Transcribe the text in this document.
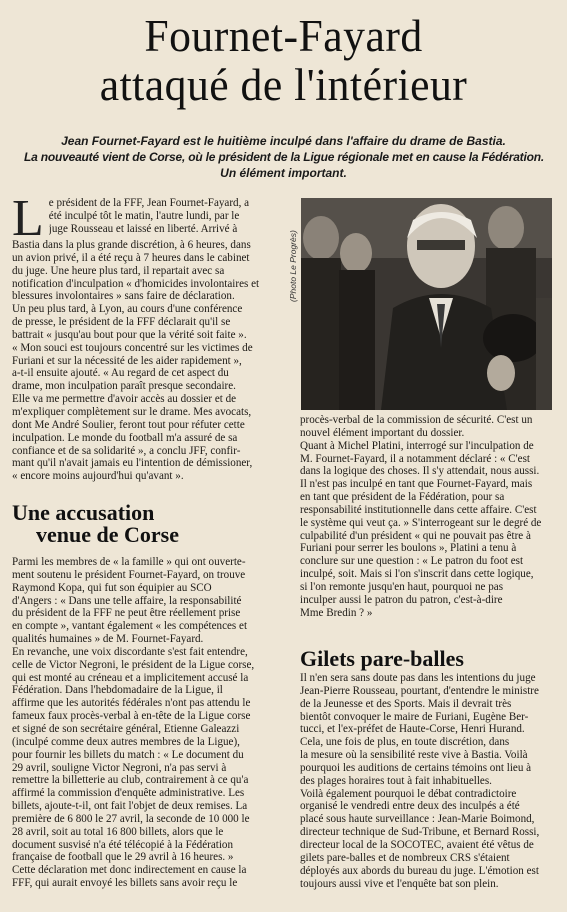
Fournet-Fayard
attaqué de l'intérieur
Jean Fournet-Fayard est le huitième inculpé dans l'affaire du drame de Bastia.
La nouveauté vient de Corse, où le président de la Ligue régionale met en cause la Fédération.
Un élément important.
L e président de la FFF, Jean Fournet-Fayard, a
été inculpé tôt le matin, l'autre lundi, par le
juge Rousseau et laissé en liberté. Arrivé à
Bastia dans la plus grande discrétion, à 6 heures, dans
un avion privé, il a été reçu à 7 heures dans le cabinet
du juge. Une heure plus tard, il repartait avec sa
notification d'inculpation « d'homicides involontaires et
blessures involontaires » sans faire de déclaration.
Un peu plus tard, à Lyon, au cours d'une conférence
de presse, le président de la FFF déclarait qu'il se
battrait « jusqu'au bout pour que la vérité soit faite ».
« Mon souci est toujours concentré sur les victimes de
Furiani et sur la nécessité de les aider rapidement »,
a-t-il ensuite ajouté. « Au regard de cet aspect du
drame, mon inculpation paraît presque secondaire.
Elle va me permettre d'avoir accès au dossier et de
m'expliquer complètement sur le drame. Mes avocats,
dont Me André Soulier, feront tout pour réfuter cette
inculpation. Le monde du football m'a assuré de sa
confiance et de sa solidarité », a conclu JFF, confir-
mant qu'il n'avait jamais eu l'intention de démissioner,
« encore moins aujourd'hui qu'avant ».
Une accusation
venue de Corse
Parmi les membres de « la famille » qui ont ouverte-
ment soutenu le président Fournet-Fayard, on trouve
Raymond Kopa, qui fut son équipier au SCO
d'Angers : « Dans une telle affaire, la responsabilité
du président de la FFF ne peut être réellement prise
en compte », vantant également « les compétences et
qualités humaines » de M. Fournet-Fayard.
En revanche, une voix discordante s'est fait entendre,
celle de Victor Negroni, le président de la Ligue corse,
qui est monté au créneau et a implicitement accusé la
Fédération. Dans l'hebdomadaire de la Ligue, il
affirme que les autorités fédérales n'ont pas attendu le
fameux faux procès-verbal à en-tête de la Ligue corse
et signé de son secrétaire général, Etienne Galeazzi
(inculpé comme deux autres membres de la Ligue),
pour fournir les billets du match : « Le document du
29 avril, souligne Victor Negroni, n'a pas servi à
remettre la billetterie au club, contrairement à ce qu'a
affirmé la commission d'enquête administrative. Les
billets, ajoute-t-il, ont fait l'objet de deux remises. La
première de 6 800 le 27 avril, la seconde de 10 000 le
28 avril, soit au total 16 800 billets, alors que le
document susvisé n'a été télécopié à la Fédération
française de football que le 29 avril à 16 heures. »
Cette déclaration met donc indirectement en cause la
FFF, qui aurait envoyé les billets sans avoir reçu le
(Photo Le Progrès)
procès-verbal de la commission de sécurité. C'est un
nouvel élément important du dossier.
Quant à Michel Platini, interrogé sur l'inculpation de
M. Fournet-Fayard, il a notamment déclaré : « C'est
dans la logique des choses. Il s'y attendait, nous aussi.
Il n'est pas inculpé en tant que Fournet-Fayard, mais
en tant que président de la Fédération, pour sa
responsabilité institutionnelle dans cette affaire. C'est
le système qui veut ça. » S'interrogeant sur le degré de
culpabilité d'un président « qui ne pouvait pas être à
Furiani pour serrer les boulons », Platini a tenu à
conclure sur une question : « Le patron du foot est
inculpé, soit. Mais si l'on s'inscrit dans cette logique,
si l'on remonte jusqu'en haut, pourquoi ne pas
inculper aussi le patron du patron, c'est-à-dire
Mme Bredin ? »
Gilets pare-balles
Il n'en sera sans doute pas dans les intentions du juge
Jean-Pierre Rousseau, pourtant, d'entendre le ministre
de la Jeunesse et des Sports. Mais il devrait très
bientôt convoquer le maire de Furiani, Eugène Ber-
tucci, et l'ex-préfet de Haute-Corse, Henri Hurand.
Cela, une fois de plus, en toute discrétion, dans
la mesure où la sensibilité reste vive à Bastia. Voilà
pourquoi les auditions de certains témoins ont lieu à
des plages horaires tout à fait inhabituelles.
Voilà également pourquoi le débat contradictoire
organisé le vendredi entre deux des inculpés a été
placé sous haute surveillance : Jean-Marie Boimond,
directeur technique de Sud-Tribune, et Bernard Rossi,
directeur local de la SOCOTEC, avaient été vêtus de
gilets pare-balles et de nombreux CRS s'étaient
déployés aux abords du bureau du juge. L'émotion est
toujours aussi vive et l'enquête bat son plein.
